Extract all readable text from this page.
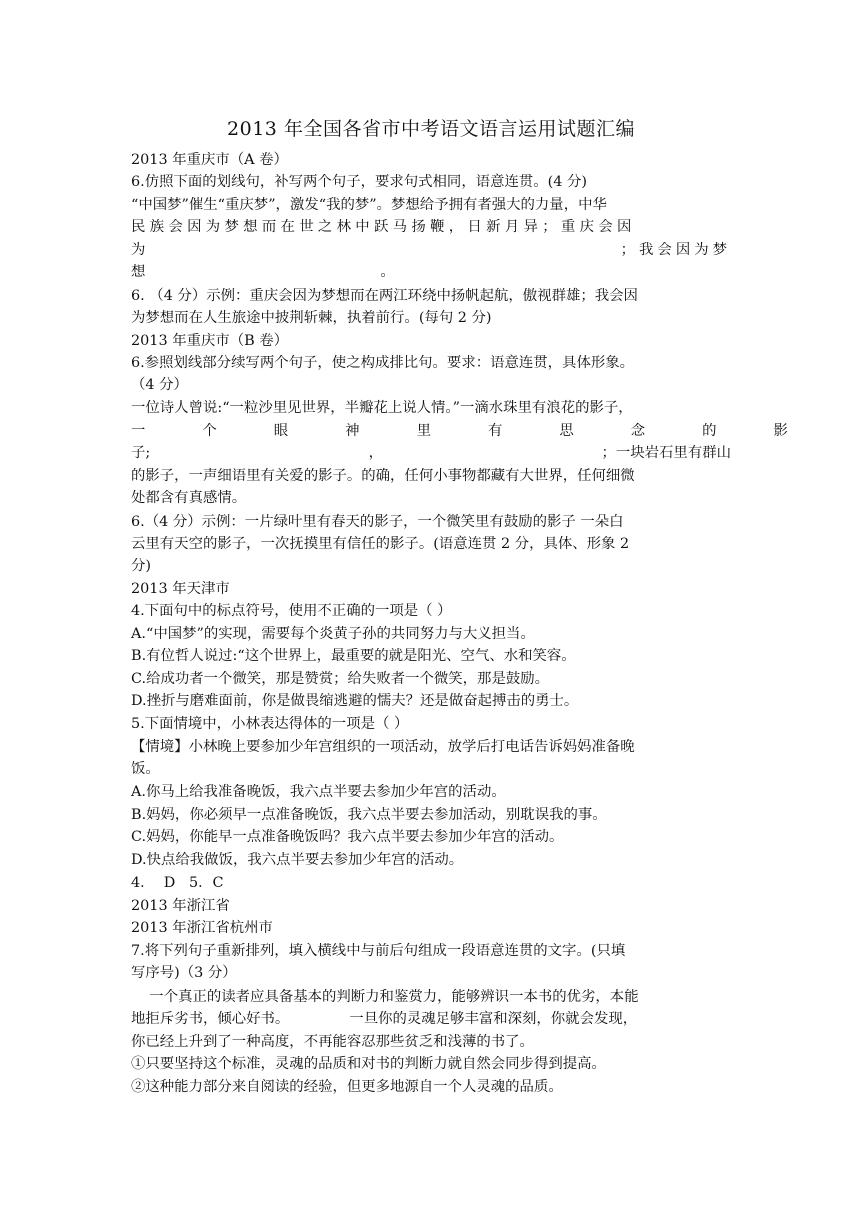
2013 年全国各省市中考语文语言运用试题汇编
2013 年重庆市（A 卷）
6.仿照下面的划线句，补写两个句子，要求句式相同，语意连贯。(4 分)
“中国梦”催生“重庆梦”，激发“我的梦”。梦想给予拥有者强大的力量，中华
民族会因为梦想而在世之林中跃马扬鞭，日新月异；重庆会因
为	；我会因为梦
想	。
6. （4 分）示例：重庆会因为梦想而在两江环绕中扬帆起航，傲视群雄；我会因
为梦想而在人生旅途中披荆斩棘，执着前行。(每句 2 分)
2013 年重庆市（B 卷）
6.参照划线部分续写两个句子，使之构成排比句。要求：语意连贯，具体形象。
（4 分）
一位诗人曾说:“一粒沙里见世界，半瓣花上说人情。”一滴水珠里有浪花的影子，
一个眼神里有思念的影
子;	，	；一块岩石里有群山
的影子，一声细语里有关爱的影子。的确，任何小事物都藏有大世界，任何细微
处都含有真感情。
6.（4 分）示例：一片绿叶里有春天的影子，一个微笑里有鼓励的影子 一朵白
云里有天空的影子，一次抚摸里有信任的影子。(语意连贯 2 分，具体、形象 2
分)
2013 年天津市
4.下面句中的标点符号，使用不正确的一项是（ ）
A.“中国梦”的实现，需要每个炎黄子孙的共同努力与大义担当。
B.有位哲人说过:“这个世界上，最重要的就是阳光、空气、水和笑容。
C.给成功者一个微笑，那是赞赏；给失败者一个微笑，那是鼓励。
D.挫折与磨难面前，你是做畏缩逃避的懦夫？还是做奋起搏击的勇士。
5.下面情境中，小林表达得体的一项是（ ）
【情境】小林晚上要参加少年宫组织的一项活动，放学后打电话告诉妈妈准备晚
饭。
A.你马上给我准备晚饭，我六点半要去参加少年宫的活动。
B.妈妈，你必须早一点准备晚饭，我六点半要去参加活动，别耽误我的事。
C.妈妈，你能早一点准备晚饭吗？我六点半要去参加少年宫的活动。
D.快点给我做饭，我六点半要去参加少年宫的活动。
4．  D   5．C
2013 年浙江省
2013 年浙江省杭州市
7.将下列句子重新排列，填入横线中与前后句组成一段语意连贯的文字。(只填
写序号)（3 分）
一个真正的读者应具备基本的判断力和鉴赏力，能够辨识一本书的优劣，本能
地拒斥劣书，倾心好书。	一旦你的灵魂足够丰富和深刻，你就会发现，
你已经上升到了一种高度，不再能容忍那些贫乏和浅薄的书了。
①只要坚持这个标准，灵魂的品质和对书的判断力就自然会同步得到提高。
②这种能力部分来自阅读的经验，但更多地源自一个人灵魂的品质。
